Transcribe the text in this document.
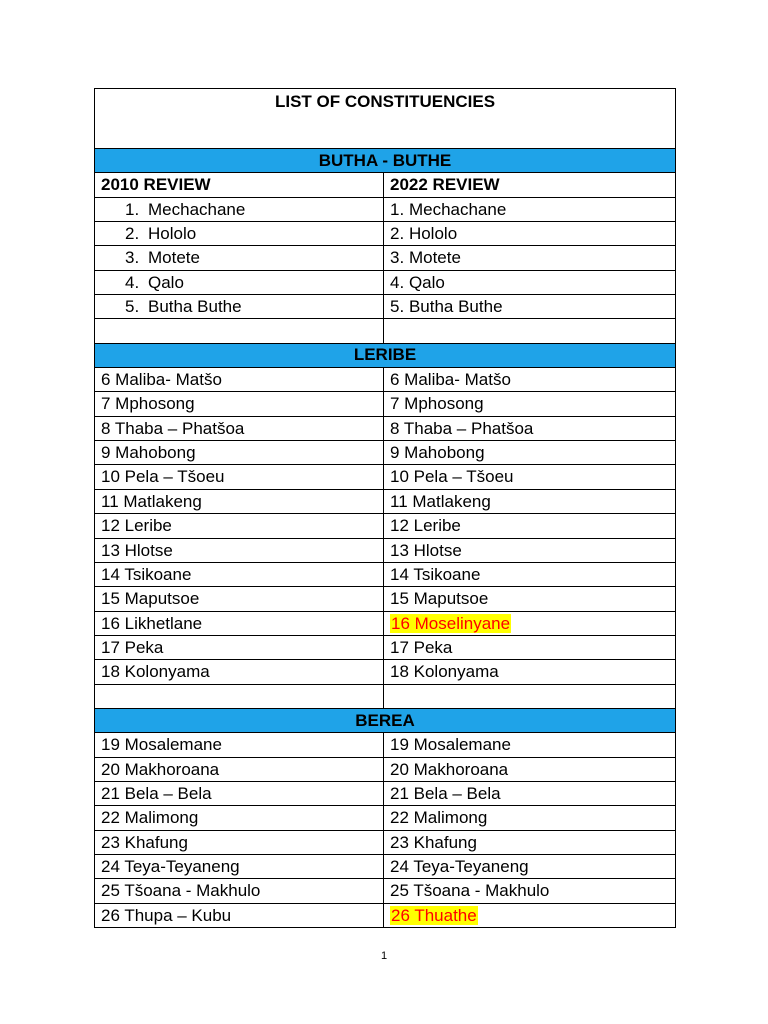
LIST OF CONSTITUENCIES
BUTHA - BUTHE
2010 REVIEW	2022 REVIEW
1. Mechachane	1. Mechachane
2. Hololo	2. Hololo
3. Motete	3. Motete
4. Qalo	4. Qalo
5. Butha Buthe	5. Butha Buthe
LERIBE
6 Maliba- Matšo	6 Maliba- Matšo
7 Mphosong	7 Mphosong
8 Thaba – Phatšoa	8 Thaba – Phatšoa
9 Mahobong	9 Mahobong
10 Pela – Tšoeu	10 Pela – Tšoeu
11 Matlakeng	11 Matlakeng
12 Leribe	12 Leribe
13 Hlotse	13 Hlotse
14 Tsikoane	14 Tsikoane
15 Maputsoe	15 Maputsoe
16 Likhetlane	16 Moselinyane
17 Peka	17 Peka
18 Kolonyama	18 Kolonyama
BEREA
19 Mosalemane	19 Mosalemane
20 Makhoroana	20 Makhoroana
21 Bela – Bela	21 Bela – Bela
22 Malimong	22 Malimong
23 Khafung	23 Khafung
24 Teya-Teyaneng	24 Teya-Teyaneng
25 Tšoana - Makhulo	25 Tšoana - Makhulo
26 Thupa – Kubu	26 Thuathe
1
